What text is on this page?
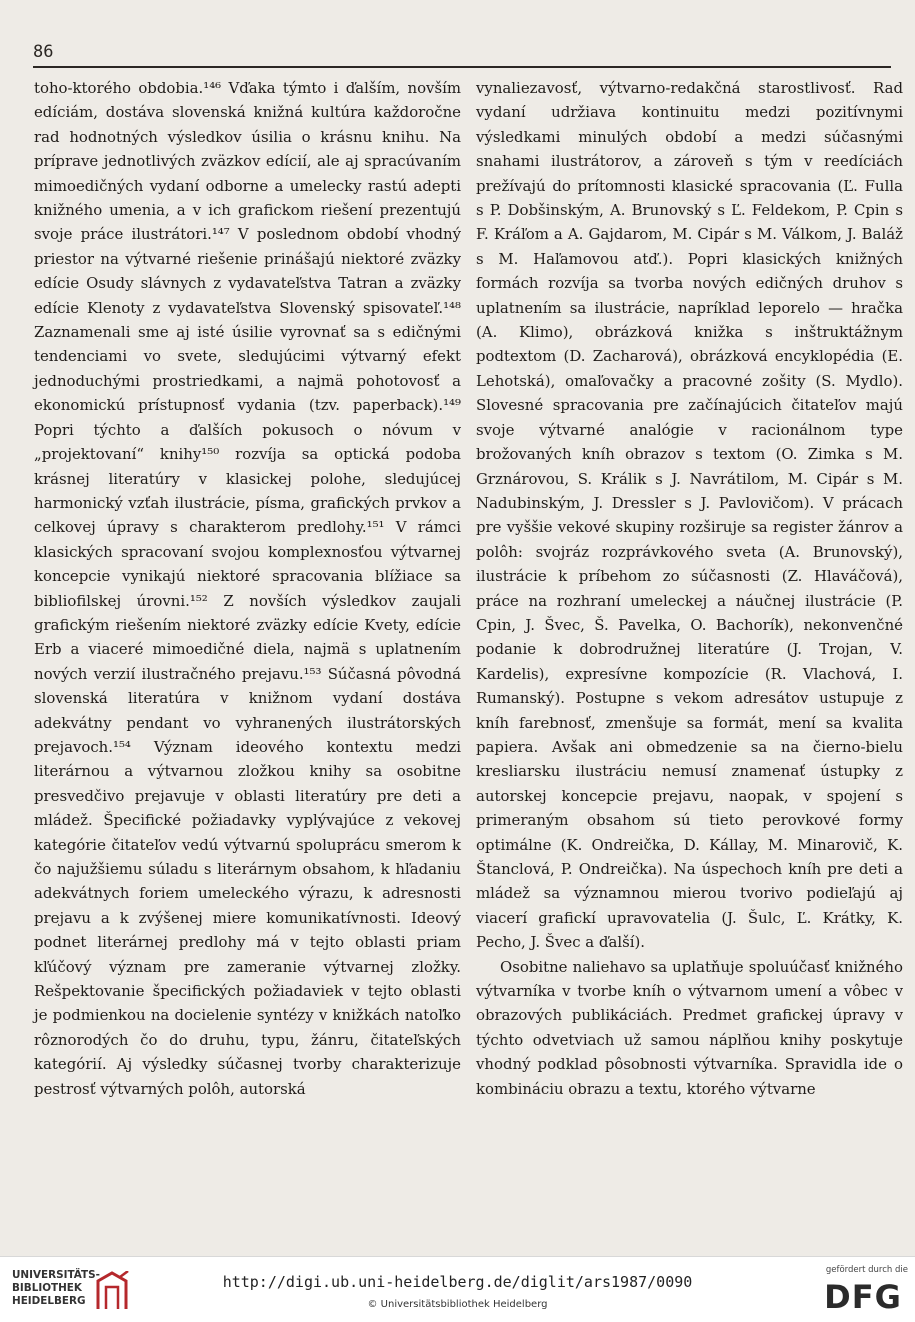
86

toho-ktorého obdobia.¹⁴⁶ Vďaka týmto i ďalším, novším edíciám, dostáva slovenská knižná kultúra každoročne rad hodnotných výsledkov úsilia o krásnu knihu. Na príprave jednotlivých zväzkov edícií, ale aj spracúvaním mimoedičných vydaní odborne a umelecky rastú adepti knižného umenia, a v ich grafickom riešení prezentujú svoje práce ilustrátori.¹⁴⁷ V poslednom období vhodný priestor na výtvarné riešenie prinášajú niektoré zväzky edície Osudy slávnych z vydavateľstva Tatran a zväzky edície Klenoty z vydavateľstva Slovenský spisovateľ.¹⁴⁸ Zaznamenali sme aj isté úsilie vyrovnať sa s edičnými tendenciami vo svete, sledujúcimi výtvarný efekt jednoduchými prostriedkami, a najmä pohotovosť a ekonomickú prístupnosť vydania (tzv. paperback).¹⁴⁹ Popri týchto a ďalších pokusoch o nóvum v „projektovaní“ knihy¹⁵⁰ rozvíja sa optická podoba krásnej literatúry v klasickej polohe, sledujúcej harmonický vzťah ilustrácie, písma, grafických prvkov a celkovej úpravy s charakterom predlohy.¹⁵¹ V rámci klasických spracovaní svojou komplexnosťou výtvarnej koncepcie vynikajú niektoré spracovania blížiace sa bibliofilskej úrovni.¹⁵² Z novších výsledkov zaujali grafickým riešením niektoré zväzky edície Kvety, edície Erb a viaceré mimoedičné diela, najmä s uplatnením nových verzií ilustračného prejavu.¹⁵³ Súčasná pôvodná slovenská literatúra v knižnom vydaní dostáva adekvátny pendant vo vyhranených ilustrátorských prejavoch.¹⁵⁴ Význam ideového kontextu medzi literárnou a výtvarnou zložkou knihy sa osobitne presvedčivo prejavuje v oblasti literatúry pre deti a mládež. Špecifické požiadavky vyplývajúce z vekovej kategórie čitateľov vedú výtvarnú spoluprácu smerom k čo najužšiemu súladu s literárnym obsahom, k hľadaniu adekvátnych foriem umeleckého výrazu, k adresnosti prejavu a k zvýšenej miere komunikatívnosti. Ideový podnet literárnej predlohy má v tejto oblasti priam kľúčový význam pre zameranie výtvarnej zložky. Rešpektovanie špecifických požiadaviek v tejto oblasti je podmienkou na docielenie syntézy v knižkách natoľko rôznorodých čo do druhu, typu, žánru, čitateľských kategórií. Aj výsledky súčasnej tvorby charakterizuje pestrosť výtvarných polôh, autorská

vynaliezavosť, výtvarno-redakčná starostlivosť. Rad vydaní udržiava kontinuitu medzi pozitívnymi výsledkami minulých období a medzi súčasnými snahami ilustrátorov, a zároveň s tým v reedíciách prežívajú do prítomnosti klasické spracovania (Ľ. Fulla s P. Dobšinským, A. Brunovský s Ľ. Feldekom, P. Cpin s F. Kráľom a A. Gajdarom, M. Cipár s M. Válkom, J. Baláž s M. Haľamovou atď.). Popri klasických knižných formách rozvíja sa tvorba nových edičných druhov s uplatnením sa ilustrácie, napríklad leporelo — hračka (A. Klimo), obrázková knižka s inštruktážnym podtextom (D. Zacharová), obrázková encyklopédia (E. Lehotská), omaľovačky a pracovné zošity (S. Mydlo). Slovesné spracovania pre začínajúcich čitateľov majú svoje výtvarné analógie v racionálnom type brožovaných kníh obrazov s textom (O. Zimka s M. Grznárovou, S. Králik s J. Navrátilom, M. Cipár s M. Nadubinským, J. Dressler s J. Pavlovičom). V prácach pre vyššie vekové skupiny rozširuje sa register žánrov a polôh: svojráz rozprávkového sveta (A. Brunovský), ilustrácie k príbehom zo súčasnosti (Z. Hlaváčová), práce na rozhraní umeleckej a náučnej ilustrácie (P. Cpin, J. Švec, Š. Pavelka, O. Bachorík), nekonvenčné podanie k dobrodružnej literatúre (J. Trojan, V. Kardelis), expresívne kompozície (R. Vlachová, I. Rumanský). Postupne s vekom adresátov ustupuje z kníh farebnosť, zmenšuje sa formát, mení sa kvalita papiera. Avšak ani obmedzenie sa na čierno-bielu kresliarsku ilustráciu nemusí znamenať ústupky z autorskej koncepcie prejavu, naopak, v spojení s primeraným obsahom sú tieto perovkové formy optimálne (K. Ondreička, D. Kállay, M. Minarovič, K. Štanclová, P. Ondreička). Na úspechoch kníh pre deti a mládež sa významnou mierou tvorivo podieľajú aj viacerí grafickí upravovatelia (J. Šulc, Ľ. Krátky, K. Pecho, J. Švec a ďalší).

Osobitne naliehavo sa uplatňuje spoluúčasť knižného výtvarníka v tvorbe kníh o výtvarnom umení a vôbec v obrazových publikáciách. Predmet grafickej úpravy v týchto odvetviach už samou náplňou knihy poskytuje vhodný podklad pôsobnosti výtvarníka. Spravidla ide o kombináciu obrazu a textu, ktorého výtvarne

UNIVERSITÄTS-
BIBLIOTHEK
HEIDELBERG
http://digi.ub.uni-heidelberg.de/diglit/ars1987/0090
© Universitätsbibliothek Heidelberg
gefördert durch die
DFG
